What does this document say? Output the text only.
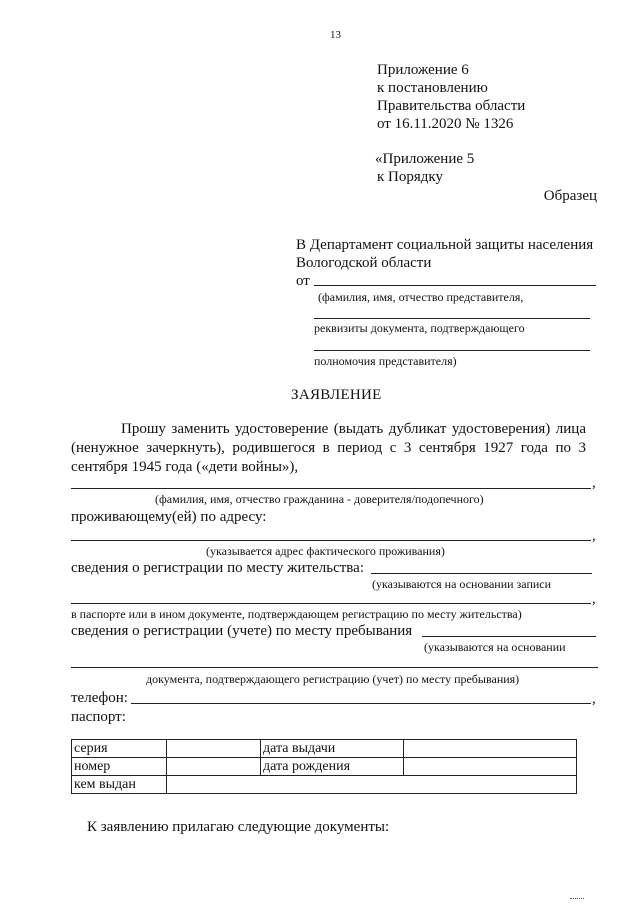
13
Приложение 6
к постановлению
Правительства области
от 16.11.2020 № 1326
«Приложение 5
к Порядку
Образец
В Департамент социальной защиты населения
Вологодской области
от
(фамилия, имя, отчество представителя,
реквизиты документа, подтверждающего
полномочия представителя)
ЗАЯВЛЕНИЕ
Прошу заменить удостоверение (выдать дубликат удостоверения) лица (ненужное зачеркнуть), родившегося в период с 3 сентября 1927 года по 3 сентября 1945 года («дети войны»),
,
(фамилия, имя, отчество гражданина - доверителя/подопечного)
проживающему(ей) по адресу:
,
(указывается адрес фактического проживания)
сведения о регистрации по месту жительства:
(указываются на основании записи
,
в паспорте или в ином документе, подтверждающем регистрацию по месту жительства)
сведения о регистрации (учете) по месту пребывания
(указываются на основании
документа, подтверждающего регистрацию (учет) по месту пребывания)
телефон:	,
паспорт:
серия		дата выдачи	
номер		дата рождения	
кем выдан			
К заявлению прилагаю следующие документы:
